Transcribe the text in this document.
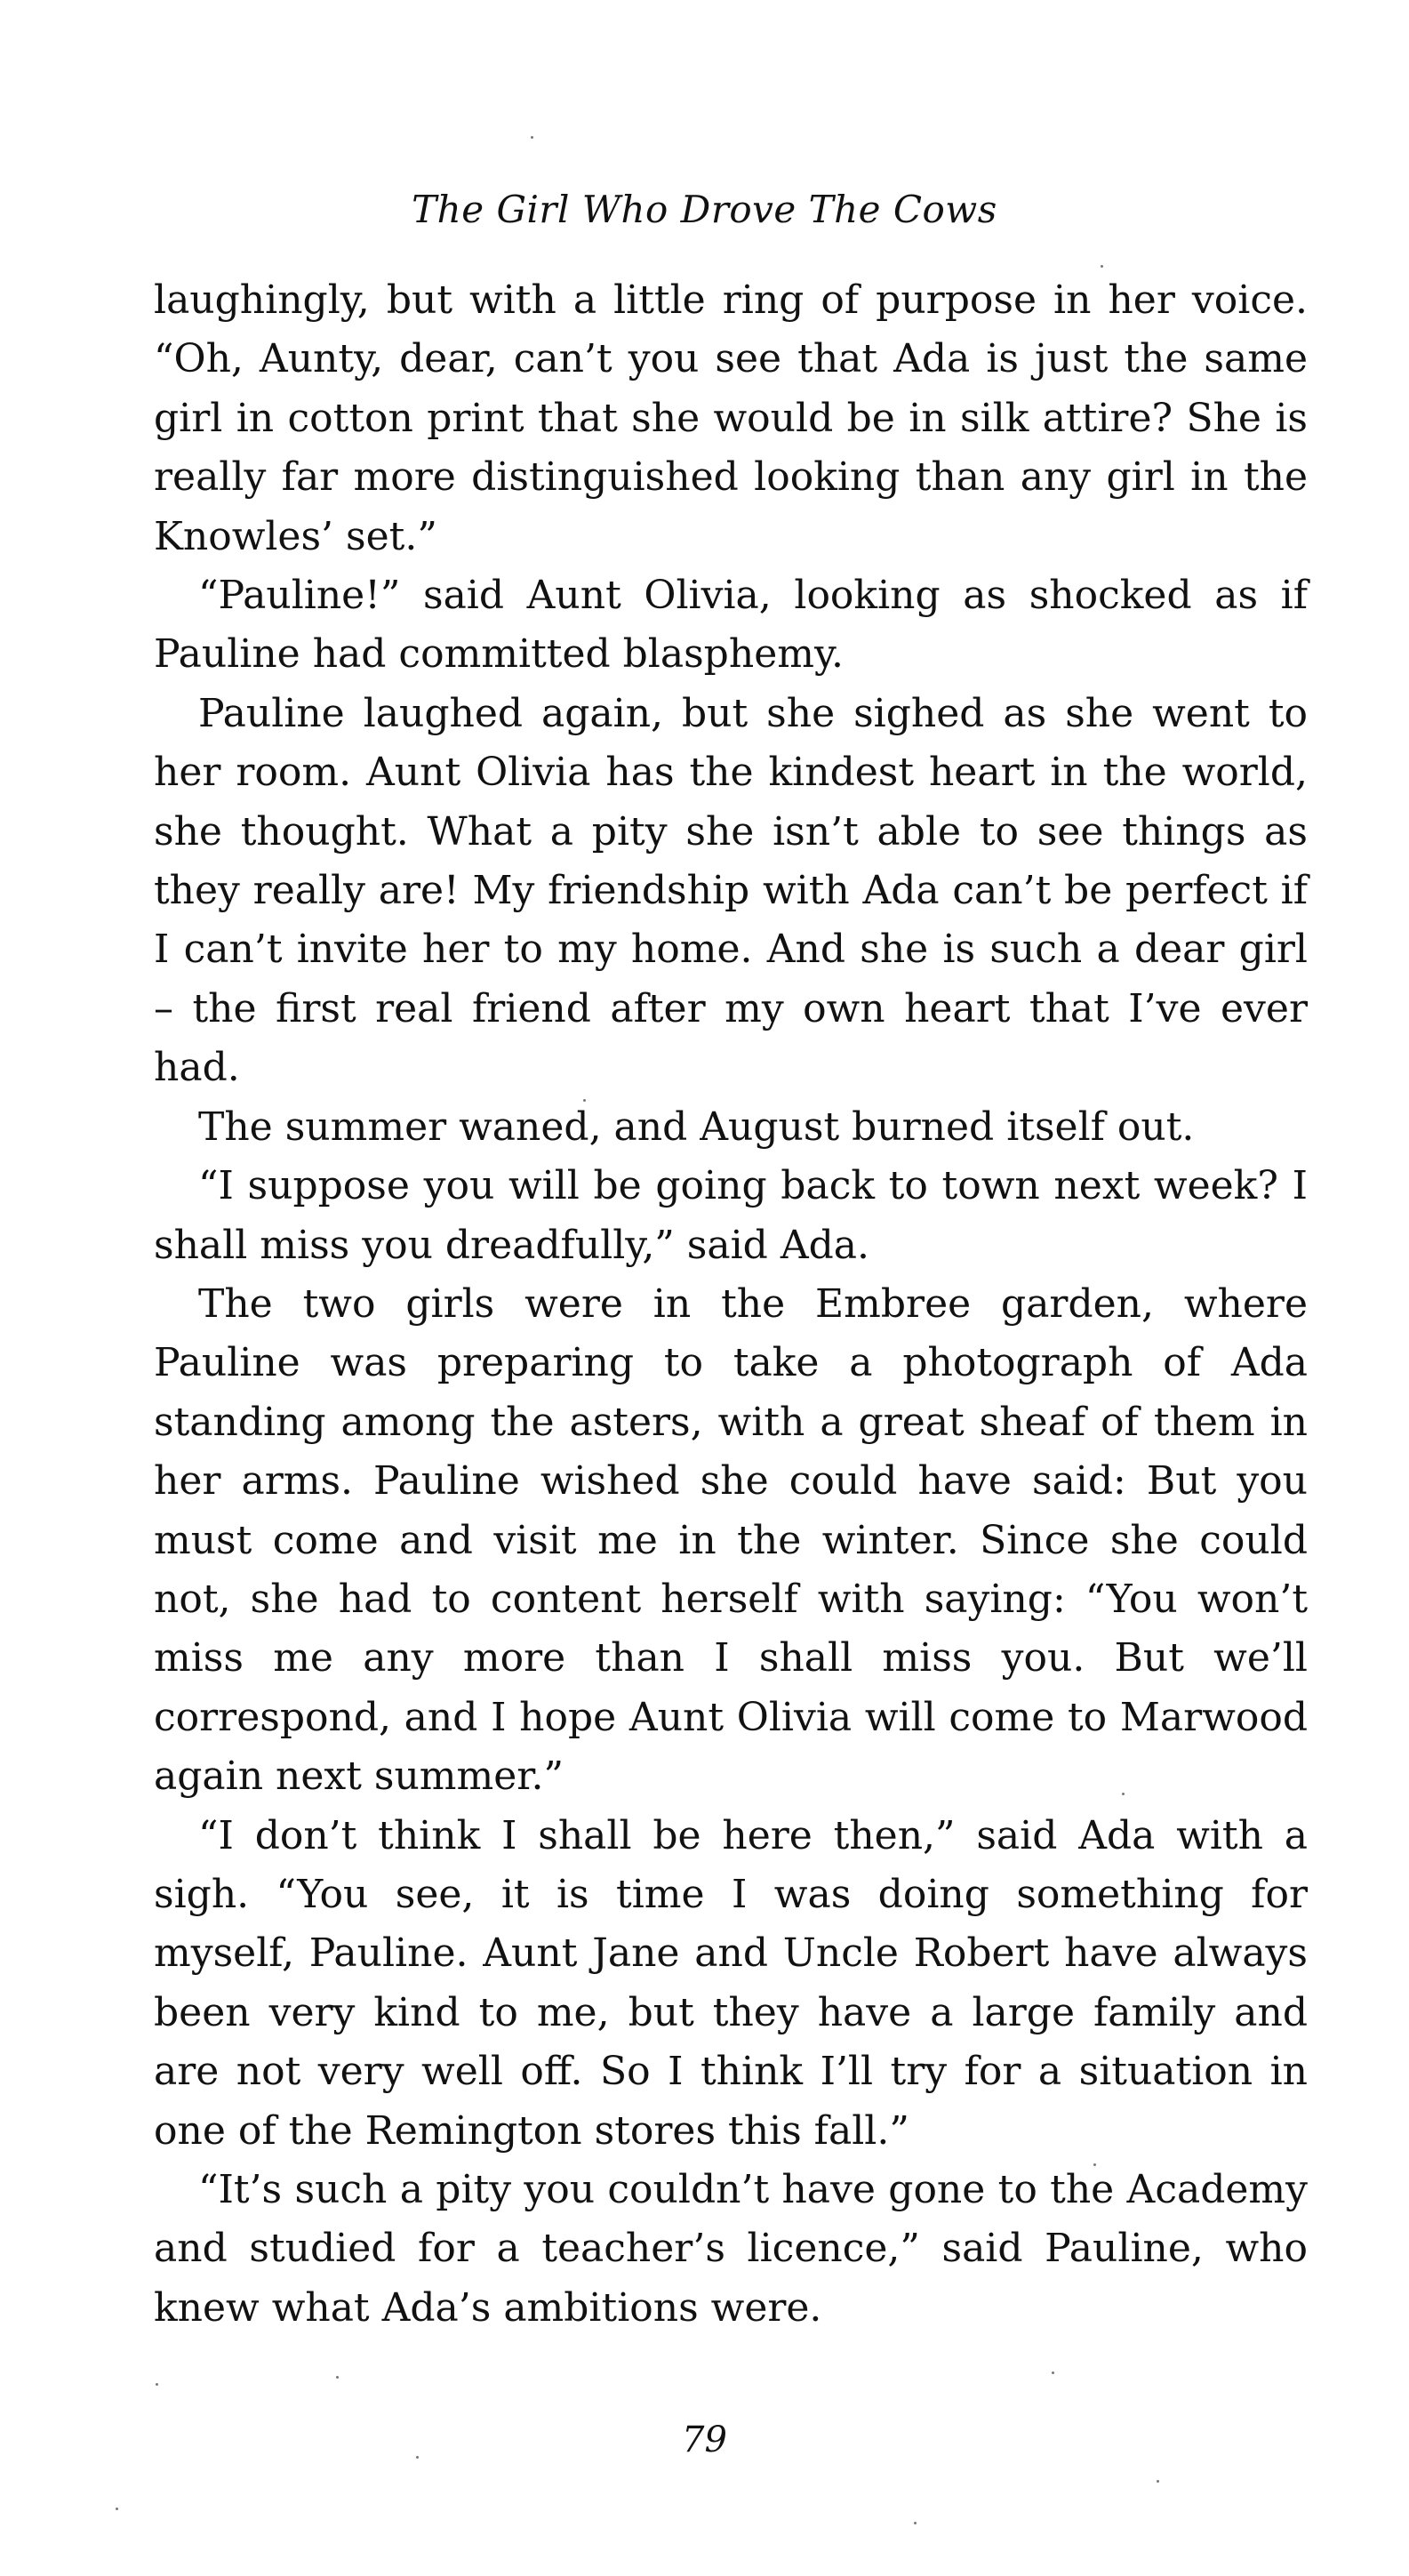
The Girl Who Drove The Cows

laughingly, but with a little ring of purpose in her voice. “Oh, Aunty, dear, can’t you see that Ada is just the same girl in cotton print that she would be in silk attire? She is really far more distinguished looking than any girl in the Knowles’ set.”

“Pauline!” said Aunt Olivia, looking as shocked as if Pauline had committed blasphemy.

Pauline laughed again, but she sighed as she went to her room. Aunt Olivia has the kindest heart in the world, she thought. What a pity she isn’t able to see things as they really are! My friendship with Ada can’t be perfect if I can’t invite her to my home. And she is such a dear girl – the first real friend after my own heart that I’ve ever had.

The summer waned, and August burned itself out.

“I suppose you will be going back to town next week? I shall miss you dreadfully,” said Ada.

The two girls were in the Embree garden, where Pauline was preparing to take a photograph of Ada standing among the asters, with a great sheaf of them in her arms. Pauline wished she could have said: But you must come and visit me in the winter. Since she could not, she had to content herself with saying: “You won’t miss me any more than I shall miss you. But we’ll correspond, and I hope Aunt Olivia will come to Marwood again next summer.”

“I don’t think I shall be here then,” said Ada with a sigh. “You see, it is time I was doing something for myself, Pauline. Aunt Jane and Uncle Robert have always been very kind to me, but they have a large family and are not very well off. So I think I’ll try for a situation in one of the Remington stores this fall.”

“It’s such a pity you couldn’t have gone to the Academy and studied for a teacher’s licence,” said Pauline, who knew what Ada’s ambitions were.

79
